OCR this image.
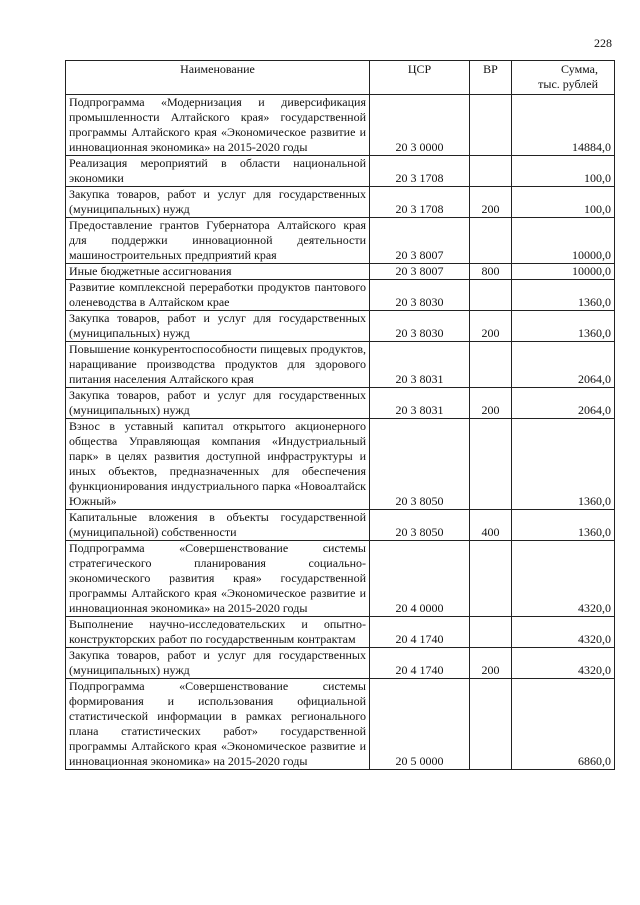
228
Наименование	ЦСР	ВР	Сумма,
тыс. рублей
Подпрограмма «Модернизация и диверсификация промышленности Алтайского края» государственной программы Алтайского края «Экономическое развитие и инновационная экономика» на 2015-2020 годы	20 3 0000		14884,0
Реализация мероприятий в области национальной экономики	20 3 1708		100,0
Закупка товаров, работ и услуг для государственных (муниципальных) нужд	20 3 1708	200	100,0
Предоставление грантов Губернатора Алтайского края для поддержки инновационной деятельности машиностроительных предприятий края	20 3 8007		10000,0
Иные бюджетные ассигнования	20 3 8007	800	10000,0
Развитие комплексной переработки продуктов пантового оленеводства в Алтайском крае	20 3 8030		1360,0
Закупка товаров, работ и услуг для государственных (муниципальных) нужд	20 3 8030	200	1360,0
Повышение конкурентоспособности пищевых продуктов, наращивание производства продуктов для здорового питания населения Алтайского края	20 3 8031		2064,0
Закупка товаров, работ и услуг для государственных (муниципальных) нужд	20 3 8031	200	2064,0
Взнос в уставный капитал открытого акционерного общества Управляющая компания «Индустриальный парк» в целях развития доступной инфраструктуры и иных объектов, предназначенных для обеспечения функционирования индустриального парка «Новоалтайск Южный»	20 3 8050		1360,0
Капитальные вложения в объекты государственной (муниципальной) собственности	20 3 8050	400	1360,0
Подпрограмма «Совершенствование системы стратегического планирования социально-экономического развития края» государственной программы Алтайского края «Экономическое развитие и инновационная экономика» на 2015-2020 годы	20 4 0000		4320,0
Выполнение научно-исследовательских и опытно-конструкторских работ по государственным контрактам	20 4 1740		4320,0
Закупка товаров, работ и услуг для государственных (муниципальных) нужд	20 4 1740	200	4320,0
Подпрограмма «Совершенствование системы формирования и использования официальной статистической информации в рамках регионального плана статистических работ» государственной программы Алтайского края «Экономическое развитие и инновационная экономика» на 2015-2020 годы	20 5 0000		6860,0
